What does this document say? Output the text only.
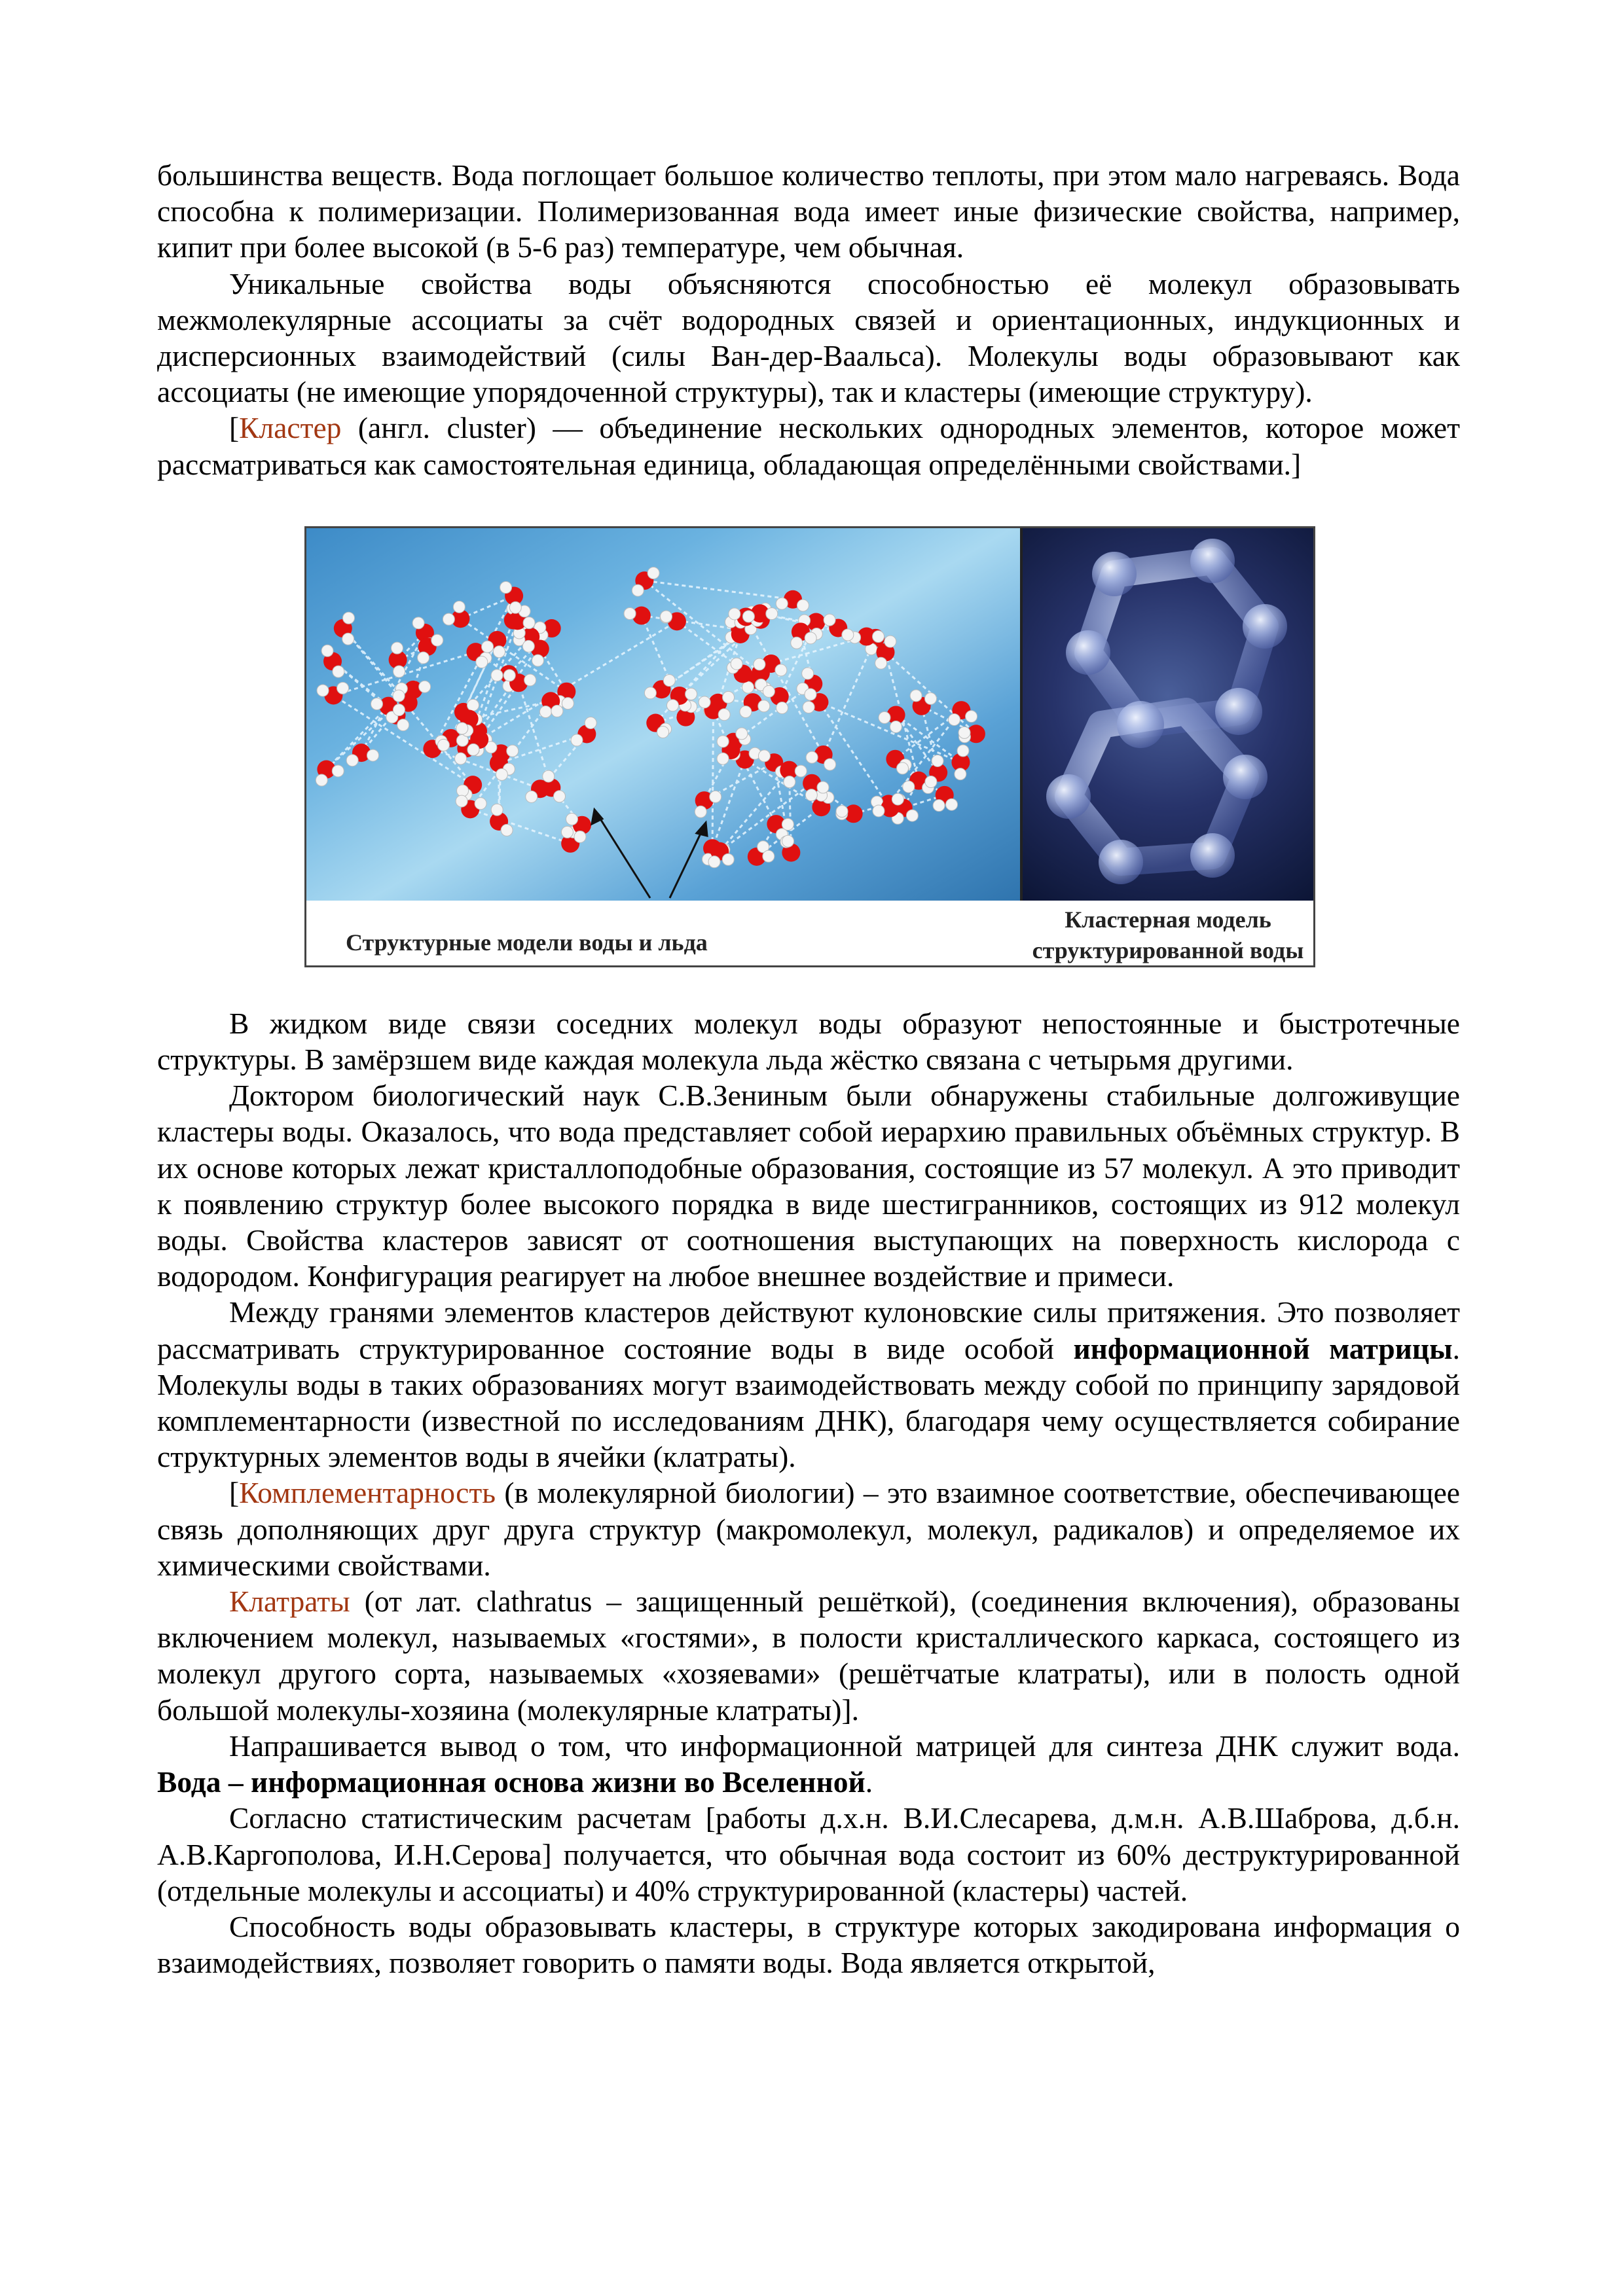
большинства веществ. Вода поглощает большое количество теплоты, при этом мало нагреваясь. Вода способна к полимеризации. Полимеризованная вода имеет иные физические свойства, например, кипит при более высокой (в 5-6 раз) температуре, чем обычная.

Уникальные свойства воды объясняются способностью её молекул образовывать межмолекулярные ассоциаты за счёт водородных связей и ориентационных, индукционных и дисперсионных взаимодействий (силы Ван-дер-Ваальса). Молекулы воды образовывают как ассоциаты (не имеющие упорядоченной структуры), так и кластеры (имеющие структуру).

[Кластер (англ. cluster) — объединение нескольких однородных элементов, которое может рассматриваться как самостоятельная единица, обладающая определёнными свойствами.]

Структурные модели воды и льда
Кластерная модель
структурированной воды

В жидком виде связи соседних молекул воды образуют непостоянные и быстротечные структуры. В замёрзшем виде каждая молекула льда жёстко связана с четырьмя другими.

Доктором биологический наук С.В.Зениным были обнаружены стабильные долгоживущие кластеры воды. Оказалось, что вода представляет собой иерархию правильных объёмных структур. В их основе которых лежат кристаллоподобные образования, состоящие из 57 молекул. А это приводит к появлению структур более высокого порядка в виде шестигранников, состоящих из 912 молекул воды. Свойства кластеров зависят от соотношения выступающих на поверхность кислорода с водородом. Конфигурация реагирует на любое внешнее воздействие и примеси.

Между гранями элементов кластеров действуют кулоновские силы притяжения. Это позволяет рассматривать структурированное состояние воды в виде особой информационной матрицы. Молекулы воды в таких образованиях могут взаимодействовать между собой по принципу зарядовой комплементарности (известной по исследованиям ДНК), благодаря чему осуществляется собирание структурных элементов воды в ячейки (клатраты).

[Комплементарность (в молекулярной биологии) – это взаимное соответствие, обеспечивающее связь дополняющих друг друга структур (макромолекул, молекул, радикалов) и определяемое их химическими свойствами.

Клатраты (от лат. clathratus – защищенный решёткой), (соединения включения), образованы включением молекул, называемых «гостями», в полости кристаллического каркаса, состоящего из молекул другого сорта, называемых «хозяевами» (решётчатые клатраты), или в полость одной большой молекулы-хозяина (молекулярные клатраты)].

Напрашивается вывод о том, что информационной матрицей для синтеза ДНК служит вода. Вода – информационная основа жизни во Вселенной.

Согласно статистическим расчетам [работы д.х.н. В.И.Слесарева, д.м.н. А.В.Шаброва, д.б.н. А.В.Каргополова, И.Н.Серова] получается, что обычная вода состоит из 60% деструктурированной (отдельные молекулы и ассоциаты) и 40% структурированной (кластеры) частей.

Способность воды образовывать кластеры, в структуре которых закодирована информация о взаимодействиях, позволяет говорить о памяти воды. Вода является открытой,
